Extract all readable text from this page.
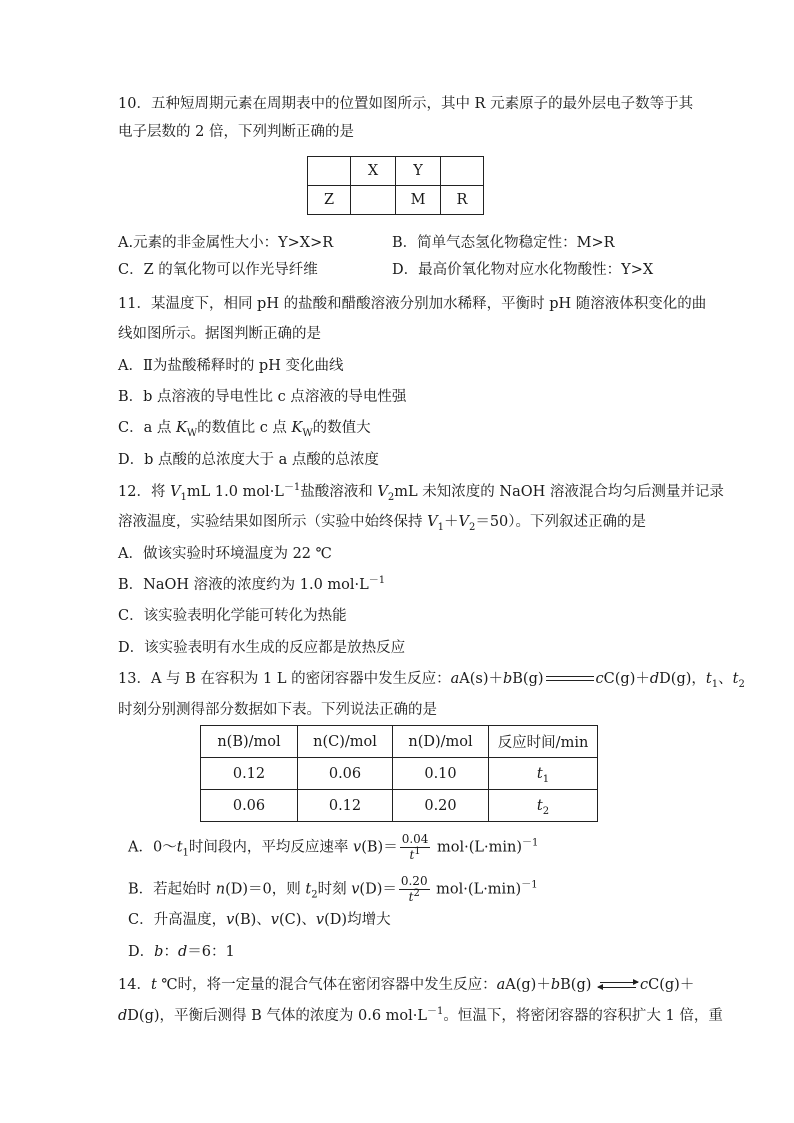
10．五种短周期元素在周期表中的位置如图所示，其中 R 元素原子的最外层电子数等于其
电子层数的 2 倍，下列判断正确的是
	X	Y	
Z		M	R
A.元素的非金属性大小：Y>X>R	B．简单气态氢化物稳定性：M>R
C．Z 的氧化物可以作光导纤维	D．最高价氧化物对应水化物酸性：Y>X
11．某温度下，相同 pH 的盐酸和醋酸溶液分别加水稀释，平衡时 pH 随溶液体积变化的曲
线如图所示。据图判断正确的是
A．Ⅱ为盐酸稀释时的 pH 变化曲线
B．b 点溶液的导电性比 c 点溶液的导电性强
C．a 点 $K_W$的数值比 c 点 $K_W$的数值大
D．b 点酸的总浓度大于 a 点酸的总浓度
12．将 $V_1mL$ 1.0 $mol\cdot L^{-1}$盐酸溶液和 $V_2mL$ 未知浓度的 NaOH 溶液混合均匀后测量并记录
溶液温度，实验结果如图所示（实验中始终保持 $V_1+V_2=50$）。下列叙述正确的是
A．做该实验时环境温度为 22 ℃
B．NaOH 溶液的浓度约为 1.0 $mol\cdot L^{-1}$
C．该实验表明化学能可转化为热能
D．该实验表明有水生成的反应都是放热反应
13．A 与 B 在容积为 1 L 的密闭容器中发生反应：aA(s)＋bB(g)	cC(g)＋dD(g)，$t_1$、$t_2$
时刻分别测得部分数据如下表。下列说法正确的是
n(B)/mol	n(C)/mol	n(D)/mol	反应时间/min
0.12	0.06	0.10	$t_1$
0.06	0.12	0.20	$t_2$
A．$0\sim t_1$时间段内，平均反应速率 $v(B)= \frac{0.04}{t^1} mol\cdot(L\cdot\min)^{-1}$
B．若起始时 n(D)＝0，则 $t_2$时刻 $v(D)= \frac{0.20}{t^2} mol\cdot(L\cdot\min)^{-1}$
C．升高温度，v(B)、v(C)、v(D)均增大
D．b：d＝6：1
14．t ℃时，将一定量的混合气体在密闭容器中发生反应：aA(g)＋bB(g) ⇌cC(g)＋
dD(g)，平衡后测得 B 气体的浓度为 0.6 $mol\cdot L^{-1}$。恒温下，将密闭容器的容积扩大 1 倍，重
